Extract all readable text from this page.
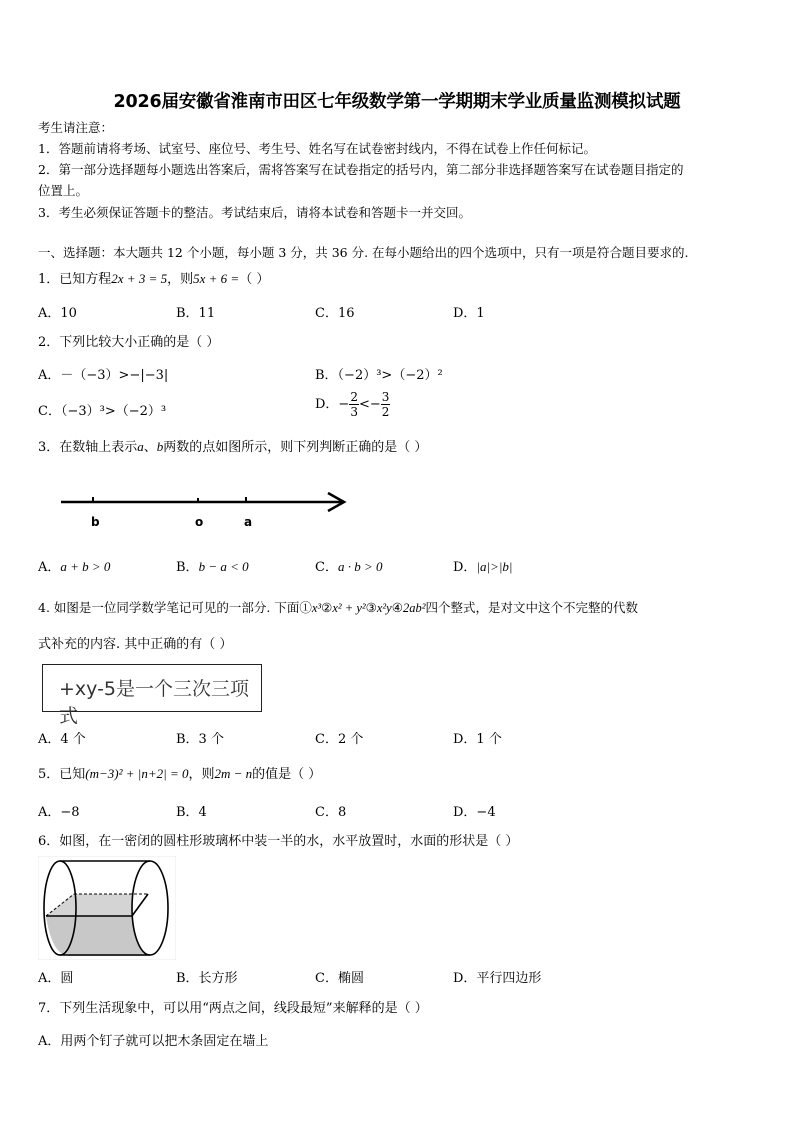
2026届安徽省淮南市田区七年级数学第一学期期末学业质量监测模拟试题
考生请注意：
1．答题前请将考场、试室号、座位号、考生号、姓名写在试卷密封线内，不得在试卷上作任何标记。
2．第一部分选择题每小题选出答案后，需将答案写在试卷指定的括号内，第二部分非选择题答案写在试卷题目指定的
位置上。
3．考生必须保证答题卡的整洁。考试结束后，请将本试卷和答题卡一并交回。
一、选择题：本大题共 12 个小题，每小题 3 分，共 36 分. 在每小题给出的四个选项中，只有一项是符合题目要求的.
1．已知方程2x + 3 = 5，则5x + 6 =（ ）
A．10	B．11	C．16	D．1
2．下列比较大小正确的是（ ）
A．－（−3）>−|−3|	B．（−2）³>（−2）²
C．（−3）³>（−2）³	D．− $\frac{2}{3} <- \frac{3}{2}$
3．在数轴上表示a、b两数的点如图所示，则下列判断正确的是（ ）
b	o	a
A．a + b > 0	B．b − a < 0	C．a · b > 0	D．|a|>|b|
4. 如图是一位同学数学笔记可见的一部分. 下面①x³②x² + y²③x²y④2ab²四个整式，是对文中这个不完整的代数
式补充的内容. 其中正确的有（ ）
+xy-5是一个三次三项式
A．4 个	B．3 个	C．2 个	D．1 个
5．已知(m−3)² + |n+2| = 0，则2m − n的值是（ ）
A．−8	B．4	C．8	D．−4
6．如图，在一密闭的圆柱形玻璃杯中装一半的水，水平放置时，水面的形状是（ ）
A．圆	B．长方形	C．椭圆	D．平行四边形
7．下列生活现象中，可以用“两点之间，线段最短”来解释的是（ ）
A．用两个钉子就可以把木条固定在墙上
